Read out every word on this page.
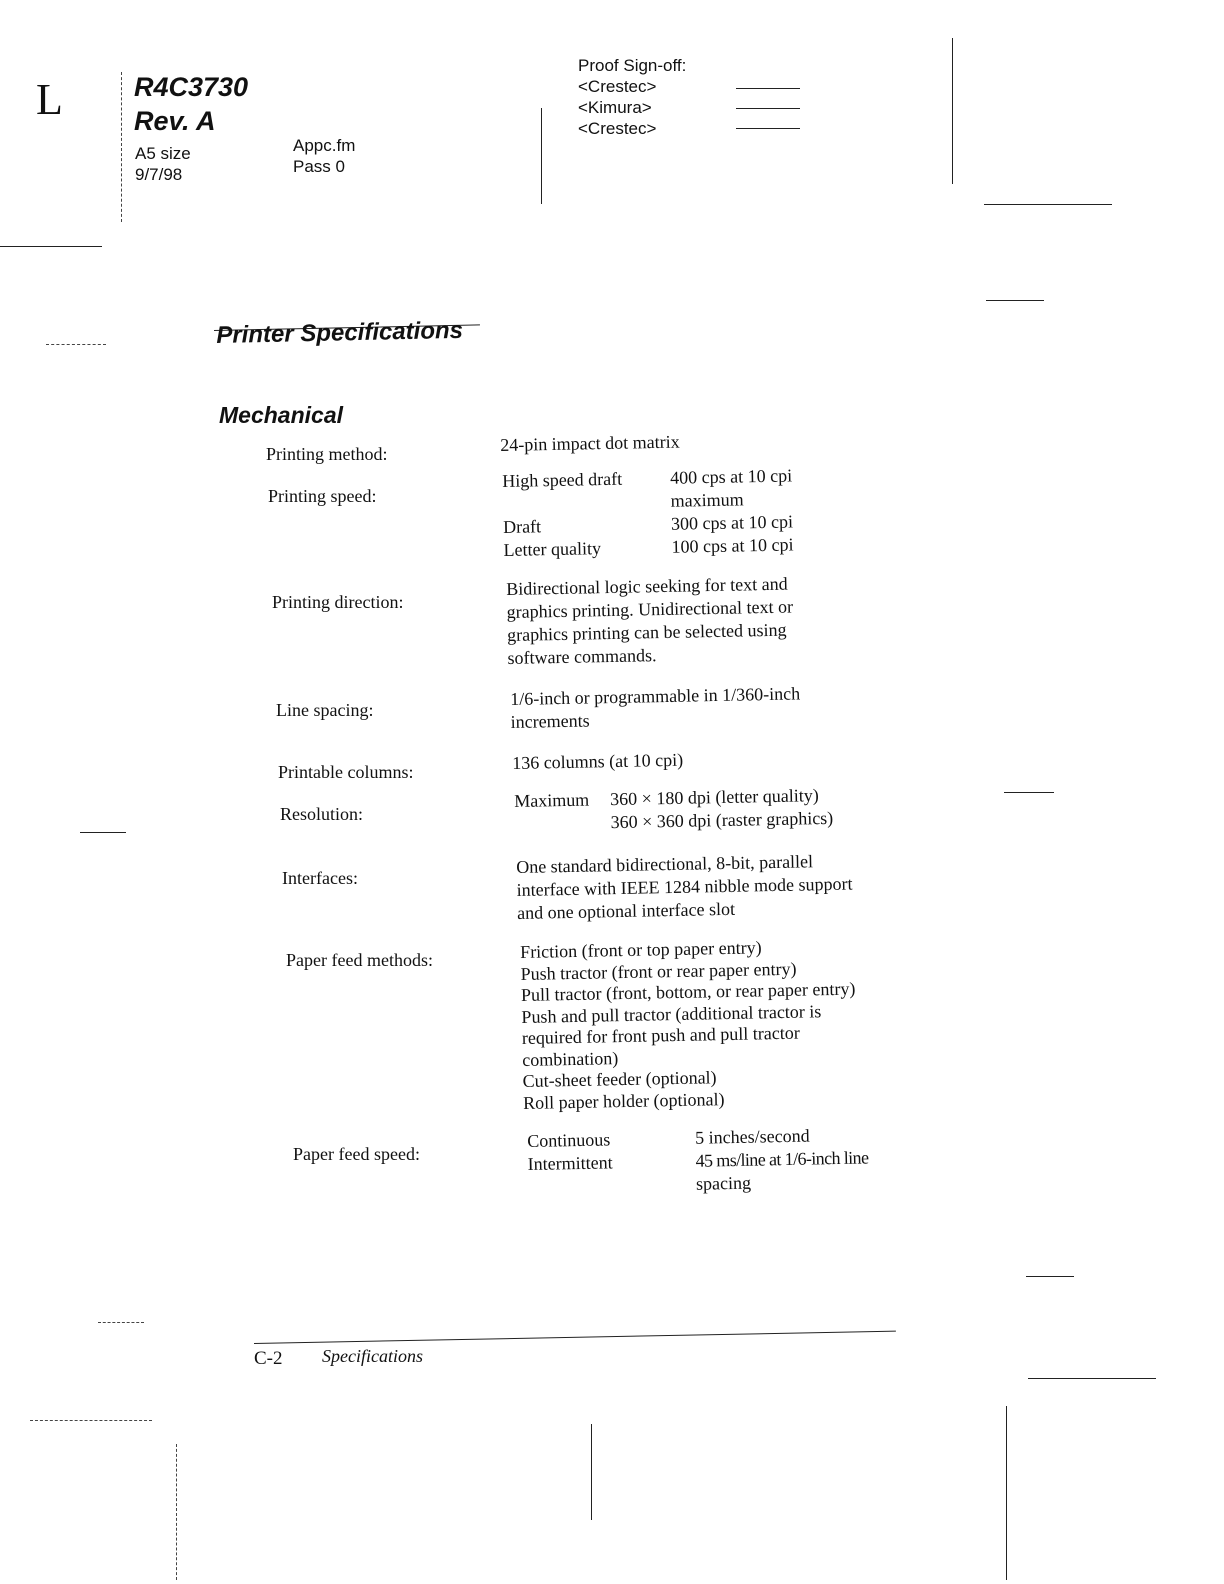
L	R4C3730
Rev. A
A5 size
9/7/98
Appc.fm
Pass 0
Proof Sign-off:
<Crestec>
<Kimura>
<Crestec>
Printer Specifications
Mechanical
Printing method:	24-pin impact dot matrix
Printing speed:
High speed draft	400 cps at 10 cpi
maximum
Draft	300 cps at 10 cpi
Letter quality	100 cps at 10 cpi
Printing direction:
Bidirectional logic seeking for text and
graphics printing. Unidirectional text or
graphics printing can be selected using
software commands.
Line spacing:
1/6-inch or programmable in 1/360-inch
increments
Printable columns:	136 columns (at 10 cpi)
Resolution:
Maximum	360 × 180 dpi (letter quality)
360 × 360 dpi (raster graphics)
Interfaces:
One standard bidirectional, 8-bit, parallel
interface with IEEE 1284 nibble mode support
and one optional interface slot
Paper feed methods:	Friction (front or top paper entry)
Push tractor (front or rear paper entry)
Pull tractor (front, bottom, or rear paper entry)
Push and pull tractor (additional tractor is
required for front push and pull tractor
combination)
Cut-sheet feeder (optional)
Roll paper holder (optional)
Paper feed speed:
Continuous	5 inches/second
Intermittent	45 ms/line at 1/6-inch line
spacing
C-2 Specifications
